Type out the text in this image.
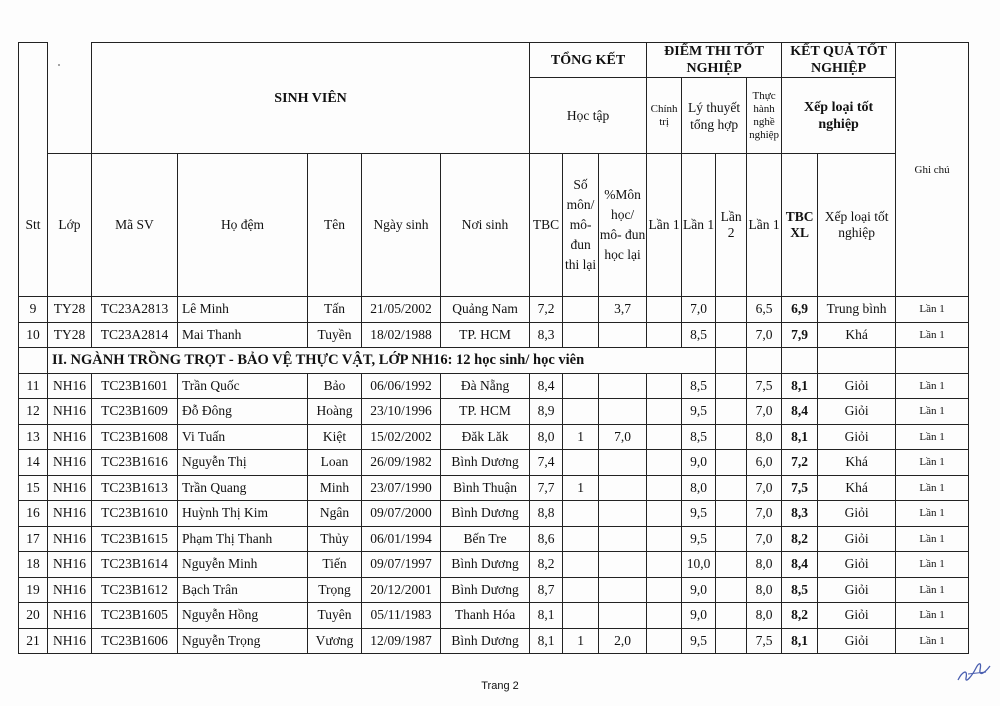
Stt		SINH VIÊN					TỔNG KẾT			ĐIỂM THI TỐT NGHIỆP				KẾT QUẢ TỐT NGHIỆP		Ghi chú
							Học tập			Chính trị	Lý thuyết tổng hợp		Thực hành nghề nghiệp	Xếp loại tốt nghiệp		
	Lớp	Mã SV	Họ đệm	Tên	Ngày sinh	Nơi sinh	TBC	Số môn/ mô- đun thi lại	%Môn học/ mô- đun học lại	Lần 1	Lần 1	Lần 2	Lần 1	TBC XL	Xếp loại tốt nghiệp	
9	TY28	TC23A2813	Lê Minh	Tấn	21/05/2002	Quảng Nam	7,2		3,7		7,0		6,5	6,9	Trung bình	Lần 1
10	TY28	TC23A2814	Mai Thanh	Tuyền	18/02/1988	TP. HCM	8,3				8,5		7,0	7,9	Khá	Lần 1
	II. NGÀNH TRỒNG TRỌT - BẢO VỆ THỰC VẬT, LỚP NH16: 12 học sinh/ học viên															
11	NH16	TC23B1601	Trần Quốc	Bảo	06/06/1992	Đà Nẵng	8,4				8,5		7,5	8,1	Giỏi	Lần 1
12	NH16	TC23B1609	Đỗ Đông	Hoàng	23/10/1996	TP. HCM	8,9				9,5		7,0	8,4	Giỏi	Lần 1
13	NH16	TC23B1608	Vi Tuấn	Kiệt	15/02/2002	Đăk Lăk	8,0	1	7,0		8,5		8,0	8,1	Giỏi	Lần 1
14	NH16	TC23B1616	Nguyễn Thị	Loan	26/09/1982	Bình Dương	7,4				9,0		6,0	7,2	Khá	Lần 1
15	NH16	TC23B1613	Trần Quang	Minh	23/07/1990	Bình Thuận	7,7	1			8,0		7,0	7,5	Khá	Lần 1
16	NH16	TC23B1610	Huỳnh Thị Kim	Ngân	09/07/2000	Bình Dương	8,8				9,5		7,0	8,3	Giỏi	Lần 1
17	NH16	TC23B1615	Phạm Thị Thanh	Thủy	06/01/1994	Bến Tre	8,6				9,5		7,0	8,2	Giỏi	Lần 1
18	NH16	TC23B1614	Nguyễn Minh	Tiến	09/07/1997	Bình Dương	8,2				10,0		8,0	8,4	Giỏi	Lần 1
19	NH16	TC23B1612	Bạch Trân	Trọng	20/12/2001	Bình Dương	8,7				9,0		8,0	8,5	Giỏi	Lần 1
20	NH16	TC23B1605	Nguyễn Hồng	Tuyên	05/11/1983	Thanh Hóa	8,1				9,0		8,0	8,2	Giỏi	Lần 1
21	NH16	TC23B1606	Nguyễn Trọng	Vương	12/09/1987	Bình Dương	8,1	1	2,0		9,5		7,5	8,1	Giỏi	Lần 1
Trang 2
